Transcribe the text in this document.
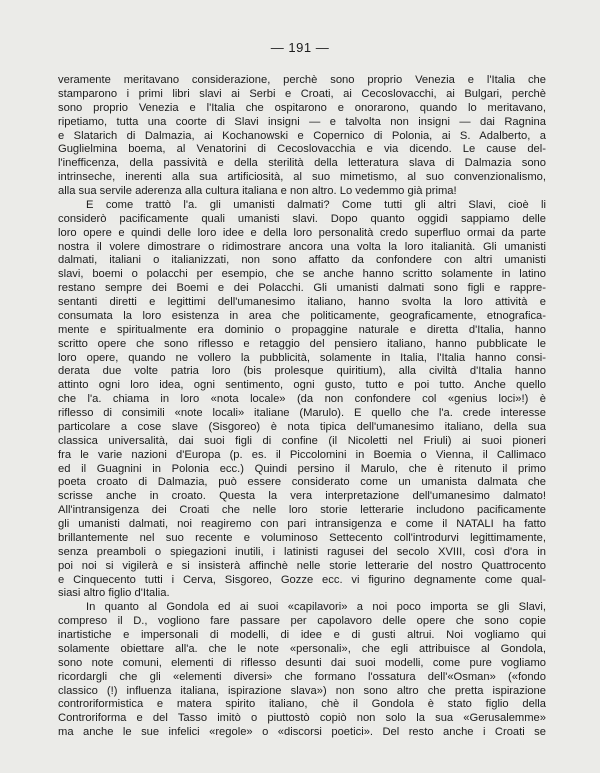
— 191 —
veramente meritavano considerazione, perchè sono proprio Venezia e l'Italia che
stamparono i primi libri slavi ai Serbi e Croati, ai Cecoslovacchi, ai Bulgari, perchè
sono proprio Venezia e l'Italia che ospitarono e onorarono, quando lo meritavano,
ripetiamo, tutta una coorte di Slavi insigni — e talvolta non insigni — dai Ragnina
e Slatarich di Dalmazia, ai Kochanowski e Copernico di Polonia, ai S. Adalberto, a
Guglielmina boema, al Venatorini di Cecoslovacchia e via dicendo. Le cause del-
l'inefficenza, della passività e della sterilità della letteratura slava di Dalmazia sono
intrinseche, inerenti alla sua artificiosità, al suo mimetismo, al suo convenzionalismo,
alla sua servile aderenza alla cultura italiana e non altro. Lo vedemmo già prima!
E come trattò l'a. gli umanisti dalmati? Come tutti gli altri Slavi, cioè li
considerò pacificamente quali umanisti slavi. Dopo quanto oggidì sappiamo delle
loro opere e quindi delle loro idee e della loro personalità credo superfluo ormai da parte
nostra il volere dimostrare o ridimostrare ancora una volta la loro italianità. Gli umanisti
dalmati, italiani o italianizzati, non sono affatto da confondere con altri umanisti
slavi, boemi o polacchi per esempio, che se anche hanno scritto solamente in latino
restano sempre dei Boemi e dei Polacchi. Gli umanisti dalmati sono figli e rappre-
sentanti diretti e legittimi dell'umanesimo italiano, hanno svolta la loro attività e
consumata la loro esistenza in area che politicamente, geograficamente, etnografica-
mente e spiritualmente era dominio o propaggine naturale e diretta d'Italia, hanno
scritto opere che sono riflesso e retaggio del pensiero italiano, hanno pubblicate le
loro opere, quando ne vollero la pubblicità, solamente in Italia, l'Italia hanno consi-
derata due volte patria loro (bis prolesque quiritium), alla civiltà d'Italia hanno
attinto ogni loro idea, ogni sentimento, ogni gusto, tutto e poi tutto. Anche quello
che l'a. chiama in loro «nota locale» (da non confondere col «genius loci»!) è
riflesso di consimili «note locali» italiane (Marulo). E quello che l'a. crede interesse
particolare a cose slave (Sisgoreo) è nota tipica dell'umanesimo italiano, della sua
classica universalità, dai suoi figli di confine (il Nicoletti nel Friuli) ai suoi pioneri
fra le varie nazioni d'Europa (p. es. il Piccolomini in Boemia o Vienna, il Callimaco
ed il Guagnini in Polonia ecc.) Quindi persino il Marulo, che è ritenuto il primo
poeta croato di Dalmazia, può essere considerato come un umanista dalmata che
scrisse anche in croato. Questa la vera interpretazione dell'umanesimo dalmato!
All'intransigenza dei Croati che nelle loro storie letterarie includono pacificamente
gli umanisti dalmati, noi reagiremo con pari intransigenza e come il NATALI ha fatto
brillantemente nel suo recente e voluminoso Settecento coll'introdurvi legittimamente,
senza preamboli o spiegazioni inutili, i latinisti ragusei del secolo XVIII, così d'ora in
poi noi si vigilerà e si insisterà affinchè nelle storie letterarie del nostro Quattrocento
e Cinquecento tutti i Cerva, Sisgoreo, Gozze ecc. vi figurino degnamente come qual-
siasi altro figlio d'Italia.
In quanto al Gondola ed ai suoi «capilavori» a noi poco importa se gli Slavi,
compreso il D., vogliono fare passare per capolavoro delle opere che sono copie
inartistiche e impersonali di modelli, di idee e di gusti altrui. Noi vogliamo qui
solamente obiettare all'a. che le note «personali», che egli attribuisce al Gondola,
sono note comuni, elementi di riflesso desunti dai suoi modelli, come pure vogliamo
ricordargli che gli «elementi diversi» che formano l'ossatura dell'«Osman» («fondo
classico (!) influenza italiana, ispirazione slava») non sono altro che pretta ispirazione
controriformistica e matera spirito italiano, chè il Gondola è stato figlio della
Controriforma e del Tasso imitò o piuttostò copiò non solo la sua «Gerusalemme»
ma anche le sue infelici «regole» o «discorsi poetici». Del resto anche i Croati se
